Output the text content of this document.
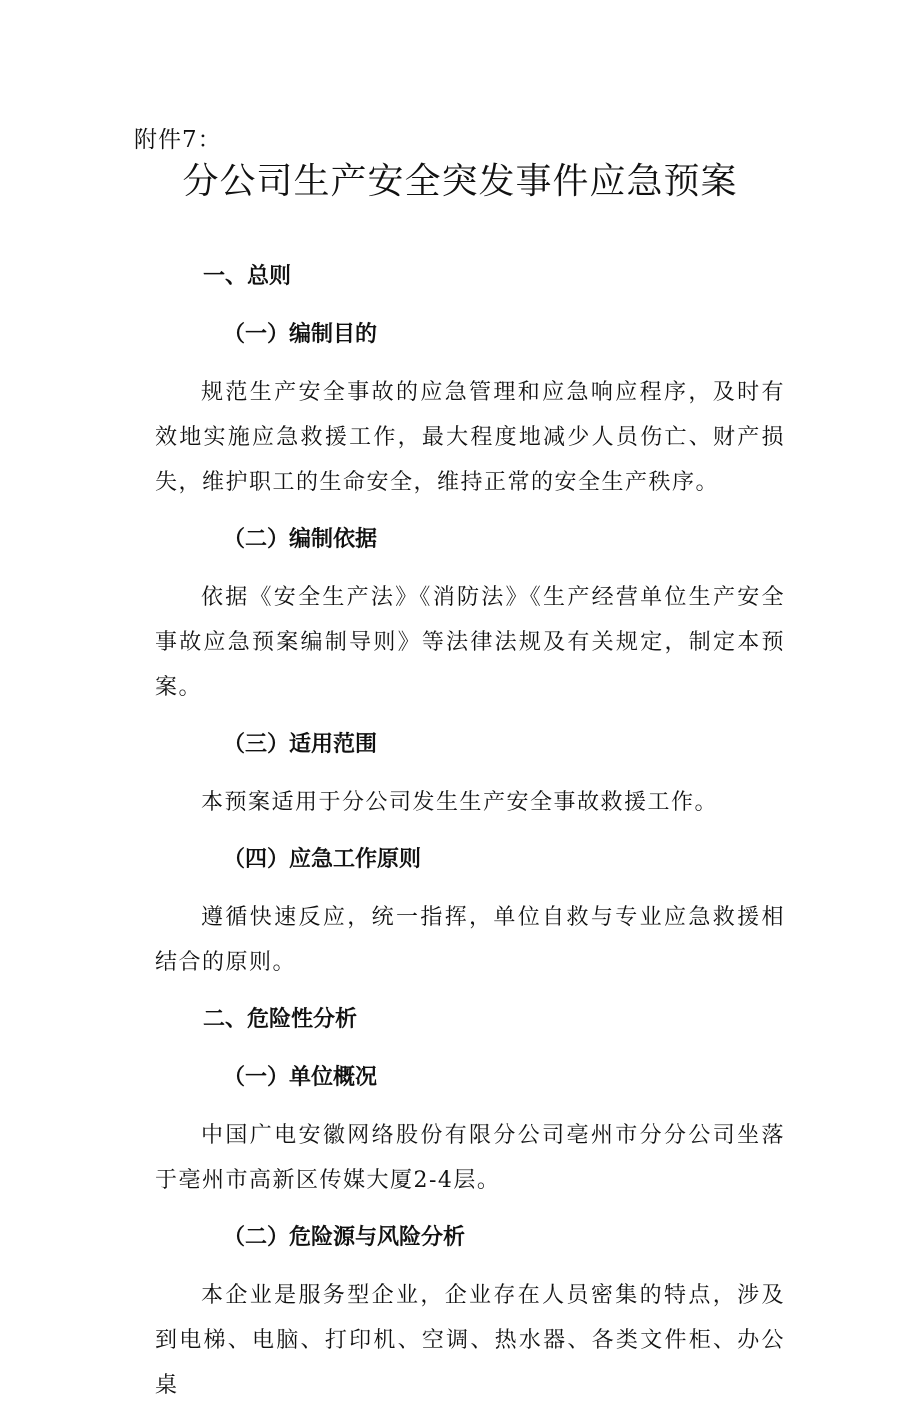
附件7：
分公司生产安全突发事件应急预案
一、总则
（一）编制目的

规范生产安全事故的应急管理和应急响应程序，及时有效地实施应急救援工作，最大程度地减少人员伤亡、财产损失，维护职工的生命安全，维持正常的安全生产秩序。

（二）编制依据

依据《安全生产法》《消防法》《生产经营单位生产安全事故应急预案编制导则》等法律法规及有关规定，制定本预案。

（三）适用范围

本预案适用于分公司发生生产安全事故救援工作。

（四）应急工作原则

遵循快速反应，统一指挥，单位自救与专业应急救援相结合的原则。

二、危险性分析
（一）单位概况

中国广电安徽网络股份有限分公司亳州市分分公司坐落于亳州市高新区传媒大厦2-4层。

（二）危险源与风险分析

本企业是服务型企业，企业存在人员密集的特点，涉及到电梯、电脑、打印机、空调、热水器、各类文件柜、办公桌
